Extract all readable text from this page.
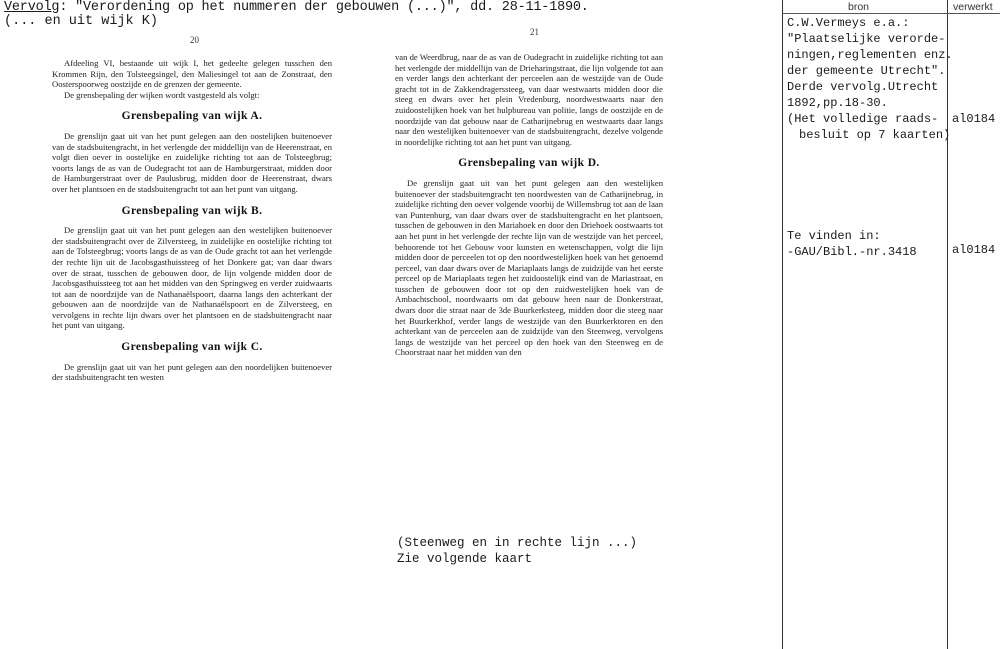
Vervolg: "Verordening op het nummeren der gebouwen (...)", dd. 28-11-1890.
(... en uit wijk K)
20
21

Afdeeling VI, bestaande uit wijk I, het gedeelte gelegen tusschen den Krommen Rijn, den Tolsteegsingel, den Maliesingel tot aan de Zonstraat, den Oosterspoorweg oostzijde en de grenzen der gemeente.

De grensbepaling der wijken wordt vastgesteld als volgt:

Grensbepaling van wijk A.

De grenslijn gaat uit van het punt gelegen aan den oostelijken buitenoever van de stadsbuitengracht, in het verlengde der middellijn van de Heerenstraat, en volgt dien oever in oostelijke en zuidelijke richting tot aan de Tolsteegbrug; voorts langs de as van de Oudegracht tot aan de Hamburgerstraat, midden door de Hamburgerstraat over de Paulusbrug, midden door de Heerenstraat, dwars over het plantsoen en de stadsbuitengracht tot aan het punt van uitgang.

Grensbepaling van wijk B.

De grenslijn gaat uit van het punt gelegen aan den westelijken buitenoever der stadsbuitengracht over de Zilversteeg, in zuidelijke en oostelijke richting tot aan de Tolsteegbrug; voorts langs de as van de Oude gracht tot aan het verlengde der rechte lijn uit de Jacobsgasthuissteeg of het Donkere gat; van daar dwars over de straat, tusschen de gebouwen door, de lijn volgende midden door de Jacobsgasthuissteeg tot aan het midden van den Springweg en verder zuidwaarts tot aan de noordzijde van de Nathanaëlspoort, daarna langs den achterkant der gebouwen aan de noordzijde van de Nathanaëlspoort en de Zilversteeg, en vervolgens in rechte lijn dwars over het plantsoen en de stadsbuitengracht naar het punt van uitgang.

Grensbepaling van wijk C.

De grenslijn gaat uit van het punt gelegen aan den noordelijken buitenoever der stadsbuitengracht ten westen

van de Weerdbrug, naar de as van de Oudegracht in zuidelijke richting tot aan het verlengde der middellijn van de Drieharingstraat, die lijn volgende tot aan en verder langs den achterkant der perceelen aan de westzijde van de Oude gracht tot in de Zakkendragerssteeg, van daar westwaarts midden door die steeg en dwars over het plein Vredenburg, noordwestwaarts naar den zuidoostelijken hoek van het hulpbureau van politie, langs de oostzijde en de noordzijde van dat gebouw naar de Catharijnebrug en westwaarts daar langs naar den westelijken buitenoever van de stadsbuitengracht, dezelve volgende in noordelijke richting tot aan het punt van uitgang.

Grensbepaling van wijk D.

De grenslijn gaat uit van het punt gelegen aan den westelijken buitenoever der stadsbuitengracht ten noordwesten van de Catharijnebrug, in zuidelijke richting den oever volgende voorbij de Willemsbrug tot aan de laan van Puntenburg, van daar dwars over de stadsbuitengracht en het plantsoen, tusschen de gebouwen in den Mariahoek en door den Driehoek oostwaarts tot aan het punt in het verlengde der rechte lijn van de westzijde van het perceel, behoorende tot het Gebouw voor kunsten en wetenschappen, volgt die lijn midden door de perceelen tot op den noordwestelijken hoek van het genoemd perceel, van daar dwars over de Mariaplaats langs de zuidzijde van het eerste perceel op de Mariaplaats tegen het zuidoostelijk eind van de Mariastraat, en tusschen de gebouwen door tot op den zuidwestelijken hoek van de Ambachtschool, noordwaarts om dat gebouw heen naar de Donkerstraat, dwars door die straat naar de 3de Buurkerksteeg, midden door die steeg naar het Buurkerkhof, verder langs de westzijde van den Buurkerktoren en den achterkant van de perceelen aan de zuidzijde van den Steenweg, vervolgens langs de westzijde van het perceel op den hoek van den Steenweg en de Choorstraat naar het midden van den

(Steenweg en in rechte lijn ...)
Zie volgende kaart
bron	verwerkt
C.W.Vermeys e.a.:
"Plaatselijke verorde-
ningen,reglementen enz.
der gemeente Utrecht".
Derde vervolg.Utrecht
1892,pp.18-30.
(Het volledige raads-
besluit op 7 kaarten)
al0184
Te vinden in:
-GAU/Bibl.-nr.3418	al0184
